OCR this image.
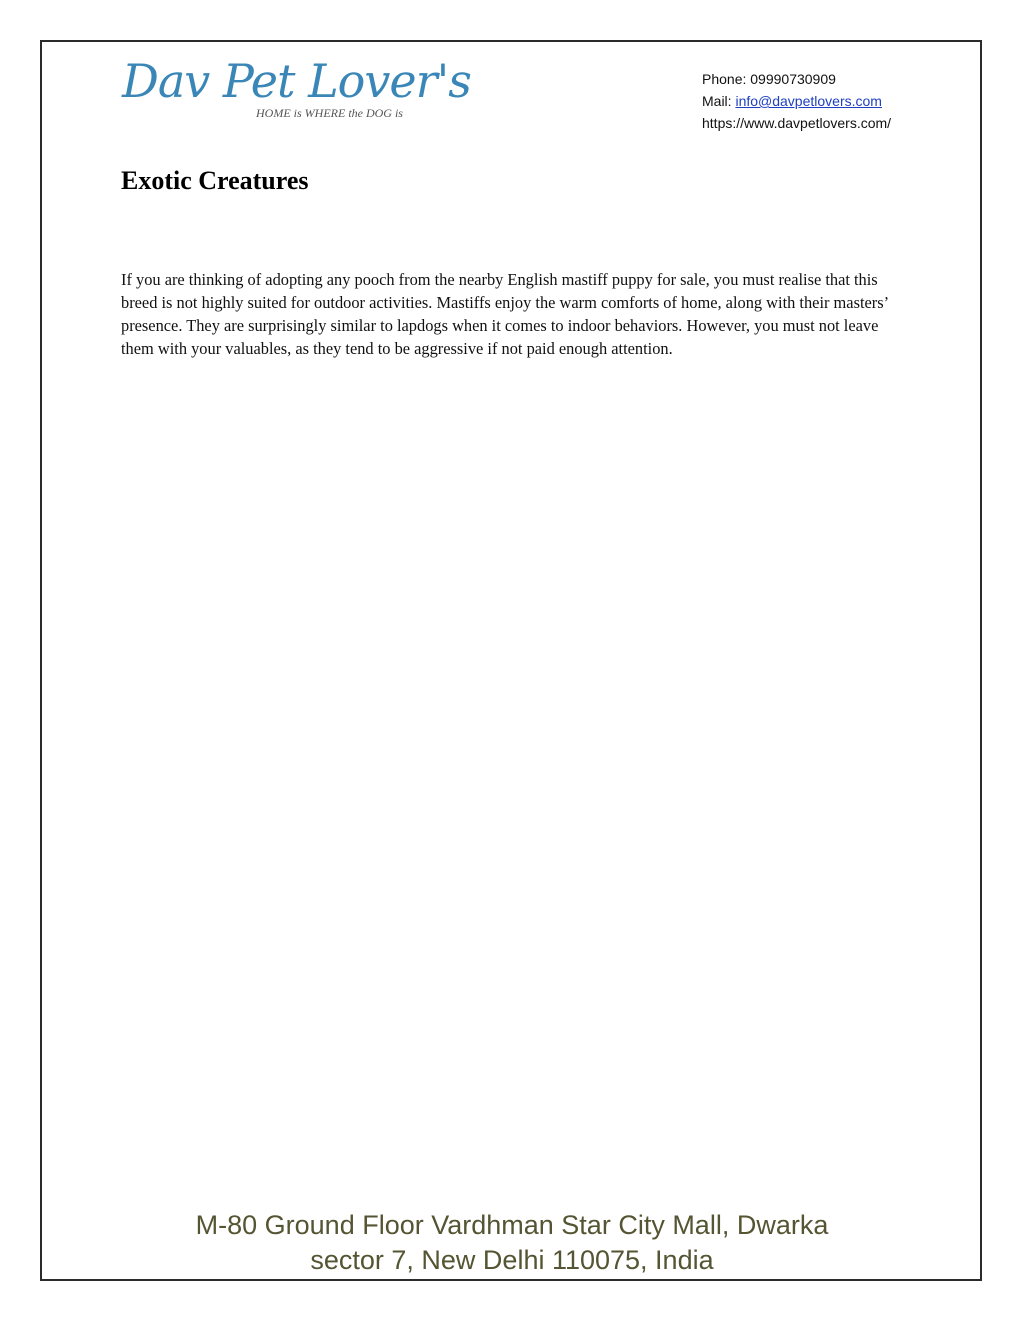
Dav Pet Lover's
HOME is WHERE the DOG is
Phone: 09990730909
Mail: info@davpetlovers.com
https://www.davpetlovers.com/
Exotic Creatures

If you are thinking of adopting any pooch from the nearby English mastiff puppy for sale, you must realise that this breed is not highly suited for outdoor activities. Mastiffs enjoy the warm comforts of home, along with their masters’ presence. They are surprisingly similar to lapdogs when it comes to indoor behaviors. However, you must not leave them with your valuables, as they tend to be aggressive if not paid enough attention.

M-80 Ground Floor Vardhman Star City Mall, Dwarka
sector 7, New Delhi 110075, India
